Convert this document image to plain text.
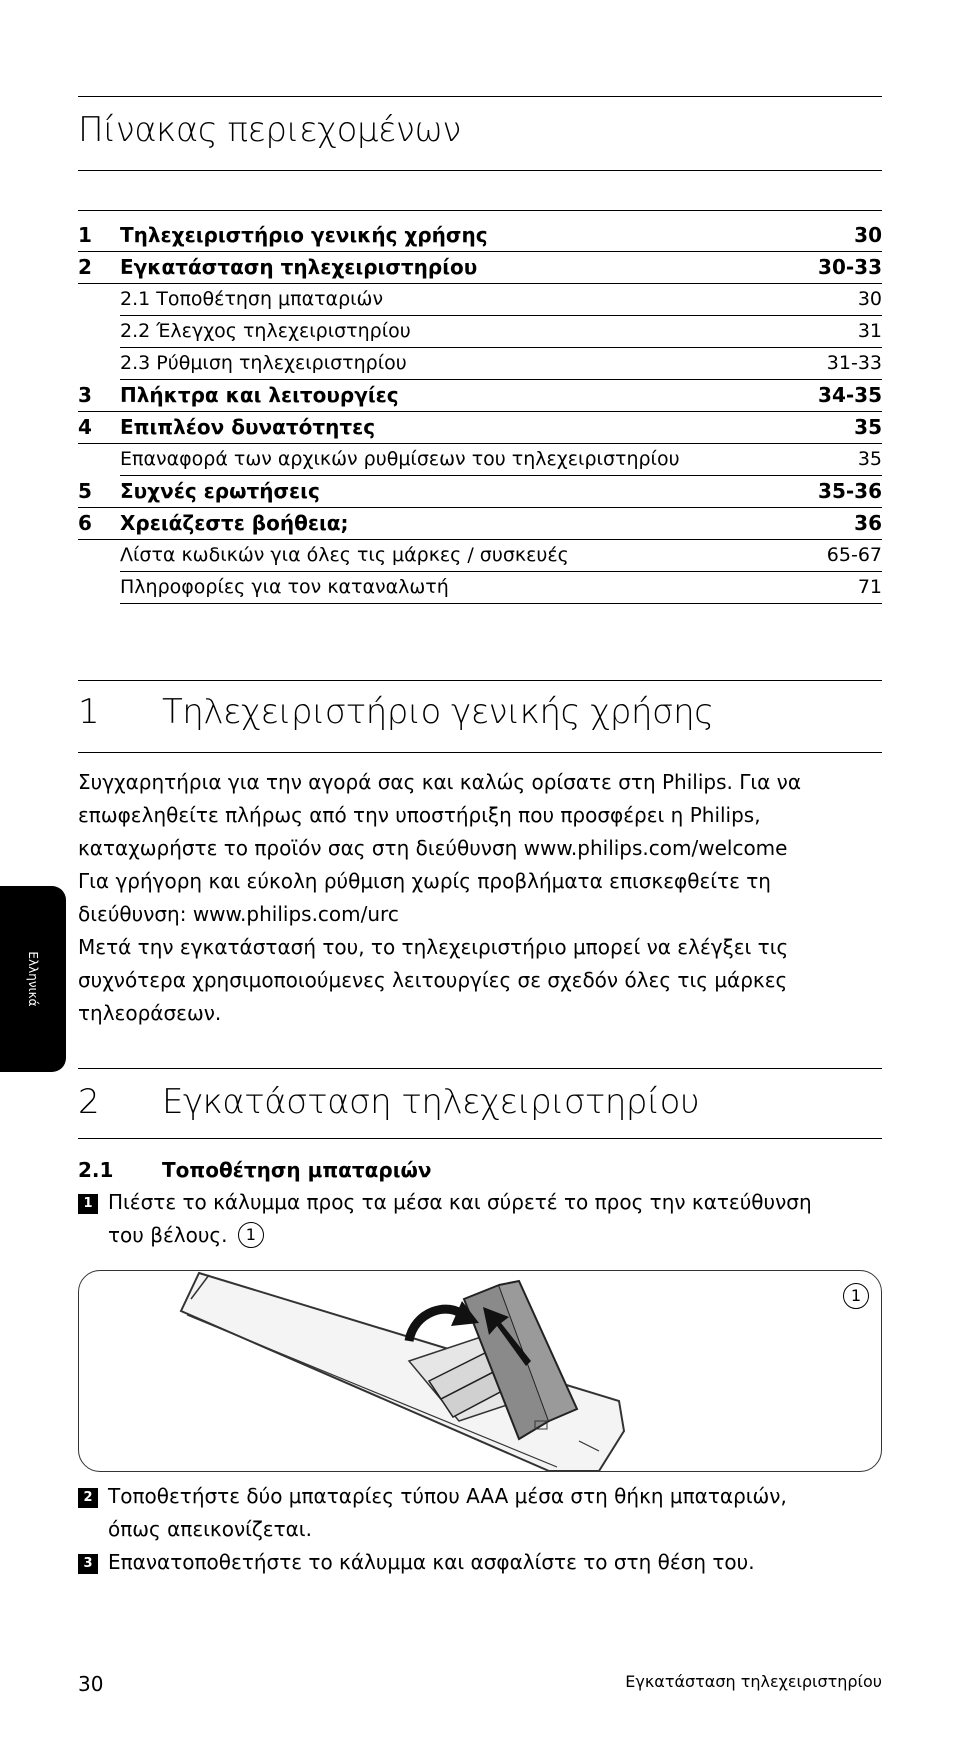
Πίνακας περιεχομένων
1	Τηλεχειριστήριο γενικής χρήσης	30
2	Εγκατάσταση τηλεχειριστηρίου	30-33
2.1 Τοποθέτηση μπαταριών	30
2.2 Έλεγχος τηλεχειριστηρίου	31
2.3 Ρύθμιση τηλεχειριστηρίου	31-33
3	Πλήκτρα και λειτουργίες	34-35
4	Επιπλέον δυνατότητες	35
Επαναφορά των αρχικών ρυθμίσεων του τηλεχειριστηρίου	35
5	Συχνές ερωτήσεις	35-36
6	Χρειάζεστε βοήθεια;	36
Λίστα κωδικών για όλες τις μάρκες / συσκευές	65-67
Πληροφορίες για τον καταναλωτή	71
1 Τηλεχειριστήριο γενικής χρήσης

Συγχαρητήρια για την αγορά σας και καλώς ορίσατε στη Philips. Για να

επωφεληθείτε πλήρως από την υποστήριξη που προσφέρει η Philips,

καταχωρήστε το προϊόν σας στη διεύθυνση www.philips.com/welcome

Για γρήγορη και εύκολη ρύθμιση χωρίς προβλήματα επισκεφθείτε τη

διεύθυνση: www.philips.com/urc

Μετά την εγκατάστασή του, το τηλεχειριστήριο μπορεί να ελέγξει τις

συχνότερα χρησιμοποιούμενες λειτουργίες σε σχεδόν όλες τις μάρκες

τηλεοράσεων.

Ελληνικά
2 Εγκατάσταση τηλεχειριστηρίου
2.1 Τοποθέτηση μπαταριών
1 Πιέστε το κάλυμμα προς τα μέσα και σύρετέ το προς την κατεύθυνση
του βέλους. 1
1
2 Τοποθετήστε δύο μπαταρίες τύπου AAA μέσα στη θήκη μπαταριών,
όπως απεικονίζεται.
3 Επανατοποθετήστε το κάλυμμα και ασφαλίστε το στη θέση του.
30	Εγκατάσταση τηλεχειριστηρίου
